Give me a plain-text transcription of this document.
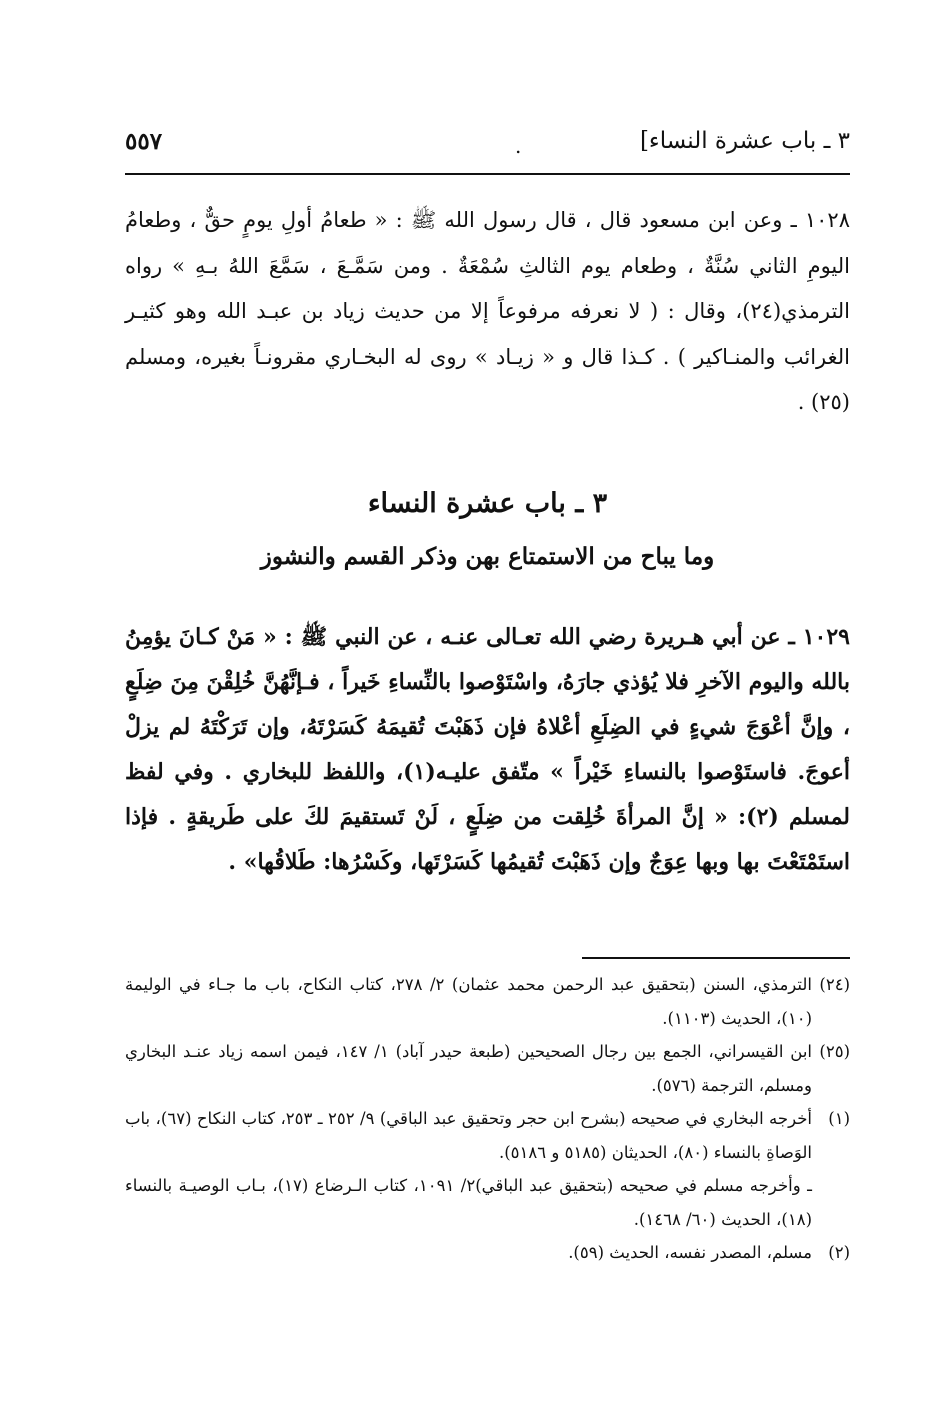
٣ ـ باب عشرة النساء]
.
٥٥٧
١٠٢٨ ـ وعن ابن مسعود قال ، قال رسول الله ﷺ : « طعامُ أولِ يومٍ حقٌّ ، وطعامُ اليومِ الثاني سُنَّةٌ ، وطعام يوم الثالثِ سُمْعَةٌ . ومن سَمَّـعَ ، سَمَّعَ اللهُ بـهِ » رواه الترمذي(٢٤)، وقال : ( لا نعرفه مرفوعاً إلا من حديث زياد بن عبـد الله وهو كثيـر الغرائب والمنـاكير ) . كـذا قال و « زيـاد » روى له البخـاري مقرونـاً بغيره، ومسلم (٢٥) .
٣ ـ باب عشرة النساء
وما يباح من الاستمتاع بهن وذكر القسم والنشوز
١٠٢٩ ـ عن أبي هـريرة رضي الله تعـالى عنـه ، عن النبي ﷺ : « مَنْ كـانَ يؤمِنُ بالله واليوم الآخرِ فلا يُؤذي جارَهُ، واسْتَوْصوا بالنِّساءِ خَيراً ، فـإنَّهُنَّ خُلِقْنَ مِنَ ضِلَعٍ ، وإنَّ أعْوَجَ شيءٍ في الضِلَعِ أعْلاهُ فإن ذَهَبْتَ تُقيمَهُ كَسَرْتَهُ، وإن تَرَكْتَهُ لم يزلْ أعوجَ. فاستَوْصوا بالنساءِ خَيْراً » متّفق عليـه(١)، واللفظ للبخاري . وفي لفظ لمسلم (٢): « إنَّ المرأةَ خُلِقت من ضِلَعٍ ، لَنْ تَستقيمَ لكَ على طَريقةٍ . فإذا استَمْتَعْتَ بها وبها عِوَجٌ وإن ذَهَبْتَ تُقيمُها كَسَرْتَها، وكَسْرُها: طَلاقُها» .
(٢٤)
الترمذي، السنن (بتحقيق عبد الرحمن محمد عثمان) ٢/ ٢٧٨، كتاب النكاح، باب ما جـاء في الوليمة (١٠)، الحديث (١١٠٣).
(٢٥)
ابن القيسراني، الجمع بين رجال الصحيحين (طبعة حيدر آباد) ١/ ١٤٧، فيمن اسمه زياد عنـد البخاري ومسلم، الترجمة (٥٧٦).
(١)
أخرجه البخاري في صحيحه (بشرح ابن حجر وتحقيق عبد الباقي) ٩/ ٢٥٢ ـ ٢٥٣، كتاب النكاح (٦٧)، باب الوَصاةِ بالنساء (٨٠)، الحديثان (٥١٨٥ و ٥١٨٦).
ـ وأخرجه مسلم في صحيحه (بتحقيق عبد الباقي)٢/ ١٠٩١، كتاب الـرضاع (١٧)، بـاب الوصيـة بالنساء (١٨)، الحديث (٦٠/ ١٤٦٨).
(٢)
مسلم، المصدر نفسه، الحديث (٥٩).
